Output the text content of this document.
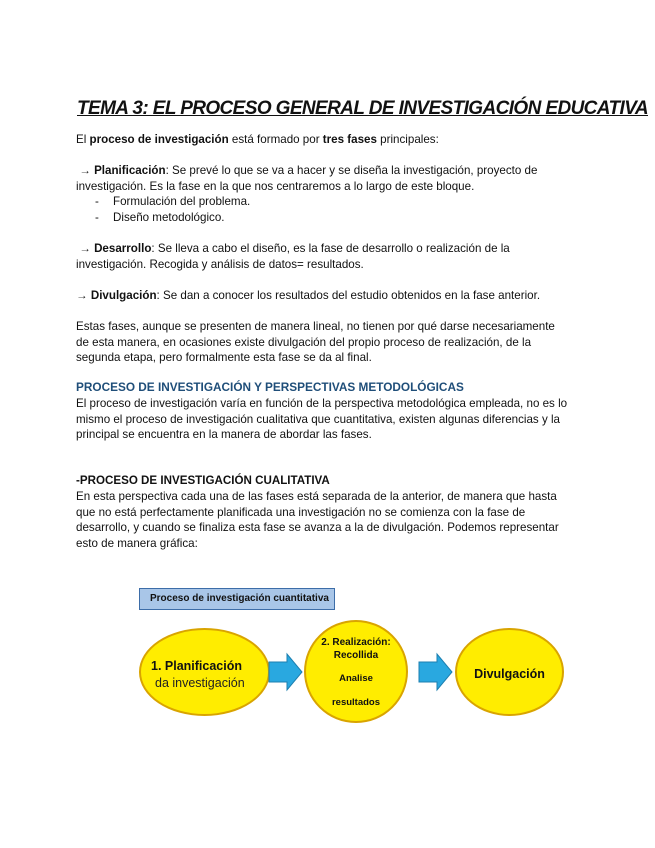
TEMA 3: EL PROCESO GENERAL DE INVESTIGACIÓN EDUCATIVA
El proceso de investigación está formado por tres fases principales:
→ Planificación: Se prevé lo que se va a hacer y se diseña la investigación, proyecto de
investigación. Es la fase en la que nos centraremos a lo largo de este bloque.
-	Formulación del problema.
-	Diseño metodológico.
→ Desarrollo: Se lleva a cabo el diseño, es la fase de desarrollo o realización de la
investigación. Recogida y análisis de datos= resultados.
→ Divulgación: Se dan a conocer los resultados del estudio obtenidos en la fase anterior.
Estas fases, aunque se presenten de manera lineal, no tienen por qué darse necesariamente
de esta manera, en ocasiones existe divulgación del propio proceso de realización, de la
segunda etapa, pero formalmente esta fase se da al final.
PROCESO DE INVESTIGACIÓN Y PERSPECTIVAS METODOLÓGICAS
El proceso de investigación varía en función de la perspectiva metodológica empleada, no es lo
mismo el proceso de investigación cualitativa que cuantitativa, existen algunas diferencias y la
principal se encuentra en la manera de abordar las fases.
-PROCESO DE INVESTIGACIÓN CUALITATIVA
En esta perspectiva cada una de las fases está separada de la anterior, de manera que hasta
que no está perfectamente planificada una investigación no se comienza con la fase de
desarrollo, y cuando se finaliza esta fase se avanza a la de divulgación. Podemos representar
esto de manera gráfica:
Proceso de investigación cuantitativa
1. Planificación
da investigación
2. Realización:
Recollida
Analise
resultados
Divulgación
